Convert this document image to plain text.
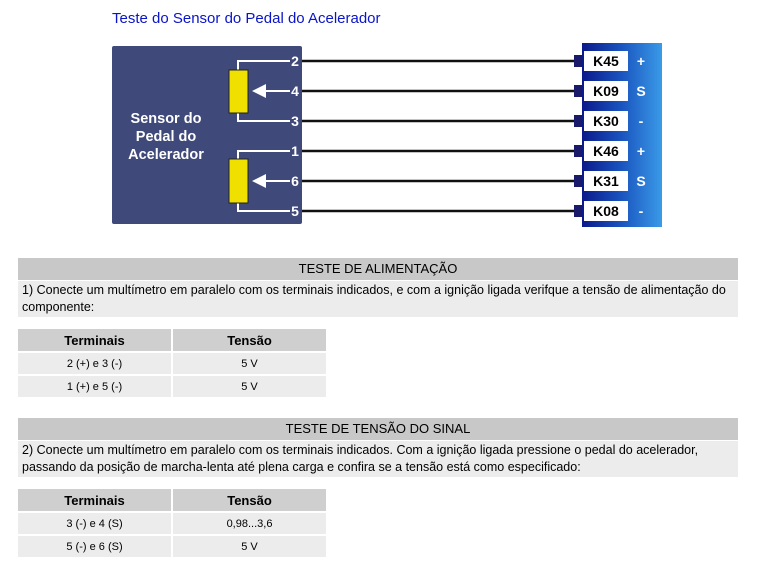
Teste do Sensor do Pedal do Acelerador
Sensor do
Pedal do
Acelerador
2
4
3
1
6
5
K45
K09
K30
K46
K31
K08
+
S
-
+
S
-
TESTE DE ALIMENTAÇÃO
1) Conecte um multímetro em paralelo com os terminais indicados, e com a ignição ligada verifque a tensão de alimentação do componente:
Terminais	Tensão
2 (+) e 3 (-)	5 V
1 (+) e 5 (-)	5 V
TESTE DE TENSÃO DO SINAL
2) Conecte um multímetro em paralelo com os terminais indicados. Com a ignição ligada pressione o pedal do acelerador, passando da posição de marcha-lenta até plena carga e confira se a tensão está como especificado:
Terminais	Tensão
3 (-) e 4 (S)	0,98...3,6
5 (-) e 6 (S)	5 V
